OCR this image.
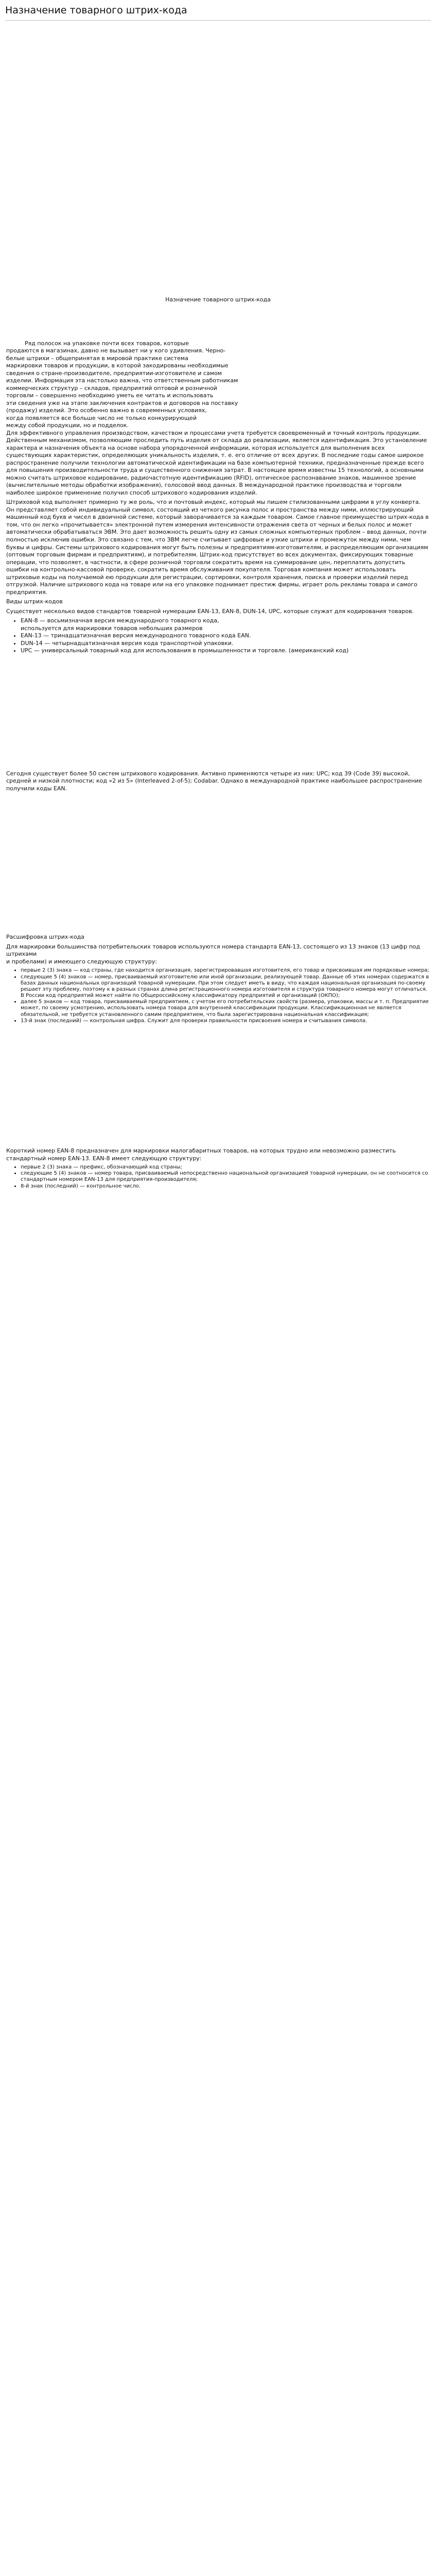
Назначение товарного штрих-кода

Назначение товарного штрих-кода

Ряд полосок на упаковке почти всех товаров, которые
продаются в магазинах, давно не вызывает ни у кого удивления. Черно-
белые штрихи – общепринятая в мировой практике система
маркировки товаров и продукции, в которой закодированы необходимые
сведения о стране-производителе, предприятии-изготовителе и самом
изделии. Информация эта настолько важна, что ответственным работникам
коммерческих структур – складов, предприятий оптовой и розничной
торговли – совершенно необходимо уметь ее читать и использовать
эти сведения уже на этапе заключения контрактов и договоров на поставку
(продажу) изделий. Это особенно важно в современных условиях,
когда появляется все больше число не только конкурирующей
между собой продукции, но и подделок.

Для эффективного управления производством, качеством и процессами учета требуется своевременный и точный контроль продукции. Действенным механизмом, позволяющим проследить путь изделия от склада до реализации, является идентификация. Это установление характера и назначения объекта на основе набора упорядоченной информации, которая используется для выполнения всех существующих характеристик, определяющих уникальность изделия, т. е. его отличие от всех других. В последние годы самое широкое распространение получили технологии автоматической идентификации на базе компьютерной техники, предназначенные прежде всего для повышения производительности труда и существенного снижения затрат. В настоящее время известны 15 технологий, а основными можно считать штриховое кодирование, радиочастотную идентификацию (RFID), оптическое распознавание знаков, машинное зрение (вычислительные методы обработки изображения), голосовой ввод данных. В международной практике производства и торговли наиболее широкое применение получил способ штрихового кодирования изделий.

Штриховой код выполняет примерно ту же роль, что и почтовый индекс, который мы пишем стилизованными цифрами в углу конверта. Он представляет собой индивидуальный символ, состоящий из четкого рисунка полос и пространства между ними, иллюстрирующий машинный код букв и чисел в двоичной системе, который заворачивается за каждым товаром. Самое главное преимущество штрих-кода в том, что он легко «прочитывается» электронной путем измерения интенсивности отражения света от черных и белых полос и может автоматически обрабатываться ЭВМ. Это дает возможность решить одну из самых сложных компьютерных проблем – ввод данных, почти полностью исключив ошибки. Это связано с тем, что ЗВМ легче считывает цифровые и узкие штрихи и промежуток между ними, чем буквы и цифры. Системы штрихового кодирования могут быть полезны и предприятиям-изготовителям, и распределяющим организациям (оптовым торговым фирмам и предприятиям), и потребителям. Штрих-код присутствует во всех документах, фиксирующих товарные операции, что позволяет, в частности, в сфере розничной торговли сократить время на суммирование цен, переплатить допустить ошибки на контрольно-кассовой проверке, сократить время обслуживания покупателя. Торговая компания может использовать штриховые коды на получаемой ею продукции для регистрации, сортировки, контроля хранения, поиска и проверки изделий перед отгрузкой. Наличие штрихового кода на товаре или на его упаковке поднимает престиж фирмы, играет роль рекламы товара и самого предприятия.

Виды штрих-кодов

Существует несколько видов стандартов товарной нумерации EAN-13, EAN-8, DUN-14, UPC, которые служат для кодирования товаров.

• EAN-8 — восьмизначная версия международного товарного кода,
используется для маркировки товаров небольших размеров
• EAN-13 — тринадцатизначная версия международного товарного кода EAN.
• DUN-14 — четырнадцатизначная версия кода транспортной упаковки.
• UPC — универсальный товарный код для использования в промышленности и торговле. (американский код)

Сегодня существует более 50 систем штрихового кодирования. Активно применяются четыре из них: UPC; код 39 (Code 39) высокой, средней и низкой плотности; код «2 из 5» (Interleaved 2-of-5); Codabar. Однако в международной практике наибольшее распространение получили коды EAN.

Расшифровка штрих-кода

Для маркировки большинства потребительских товаров используются номера стандарта EAN-13, состоящего из 13 знаков (13 цифр под штрихами
и пробелами) и имеющего следующую структуру:

• первые 2 (3) знака — код страны, где находится организация, зарегистрировавшая изготовителя, его товар и присвоившая им порядковые номера;
• следующие 5 (4) знаков — номер, присваиваемый изготовителю или иной организации, реализующей товар. Данные об этих номерах содержатся в базах данных национальных организаций товарной нумерации. При этом следует иметь в виду, что каждая национальная организация по-своему решает эту проблему, поэтому к в разных странах длина регистрационного номера изготовителя и структура товарного номера могут отличаться. В России код предприятий может найти по Общероссийскому классификатору предприятий и организаций (ОКПО);
• далее 5 знаков — код товара, присваиваемый предприятием, с учетом его потребительских свойств (размера, упаковки, массы и т. п. Предприятие может, по своему усмотрению, использовать номера товара для внутренней классификации продукции. Классификационная не является обязательной, не требуется установленного самим предприятием, что была зарегистрирована национальная классификация;
• 13-й знак (последний) — контрольная цифра. Служит для проверки правильности присвоения номера и считывания символа.

Короткий номер EAN-8 предназначен для маркировки малогабаритных товаров, на которых трудно или невозможно разместить стандартный номер EAN-13. EAN-8 имеет следующую структуру:

• первые 2 (3) знака — префикс, обозначающий код страны;
• следующие 5 (4) знаков — номер товара, присваиваемый непосредственно национальной организацией товарной нумерации, он не соотносится со стандартным номером EAN-13 для предприятия-производителя;
• 8-й знак (последний) — контрольное число.
